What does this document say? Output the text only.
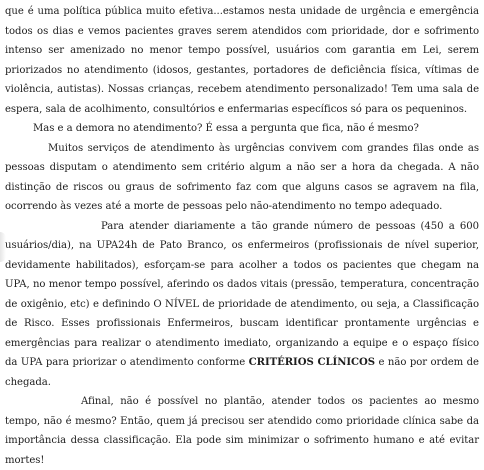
que é uma política pública muito efetiva...estamos nesta unidade de urgência e emergência todos os dias e vemos pacientes graves serem atendidos com prioridade, dor e sofrimento intenso ser amenizado no menor tempo possível, usuários com garantia em Lei, serem priorizados no atendimento (idosos, gestantes, portadores de deficiência física, vítimas de violência, autistas). Nossas crianças, recebem atendimento personalizado! Tem uma sala de espera, sala de acolhimento, consultórios e enfermarias específicos só para os pequeninos.

Mas e a demora no atendimento? É essa a pergunta que fica, não é mesmo?

Muitos serviços de atendimento às urgências convivem com grandes filas onde as pessoas disputam o atendimento sem critério algum a não ser a hora da chegada. A não distinção de riscos ou graus de sofrimento faz com que alguns casos se agravem na fila, ocorrendo às vezes até a morte de pessoas pelo não-atendimento no tempo adequado.

Para atender diariamente a tão grande número de pessoas (450 a 600 usuários/dia), na UPA24h de Pato Branco, os enfermeiros (profissionais de nível superior, devidamente habilitados), esforçam-se para acolher a todos os pacientes que chegam na UPA, no menor tempo possível, aferindo os dados vitais (pressão, temperatura, concentração de oxigênio, etc) e definindo O NÍVEL de prioridade de atendimento, ou seja, a Classificação de Risco. Esses profissionais Enfermeiros, buscam identificar prontamente urgências e emergências para realizar o atendimento imediato, organizando a equipe e o espaço físico da UPA para priorizar o atendimento conforme CRITÉRIOS CLÍNICOS e não por ordem de chegada.

Afinal, não é possível no plantão, atender todos os pacientes ao mesmo tempo, não é mesmo? Então, quem já precisou ser atendido como prioridade clínica sabe da importância dessa classificação. Ela pode sim minimizar o sofrimento humano e até evitar mortes!
